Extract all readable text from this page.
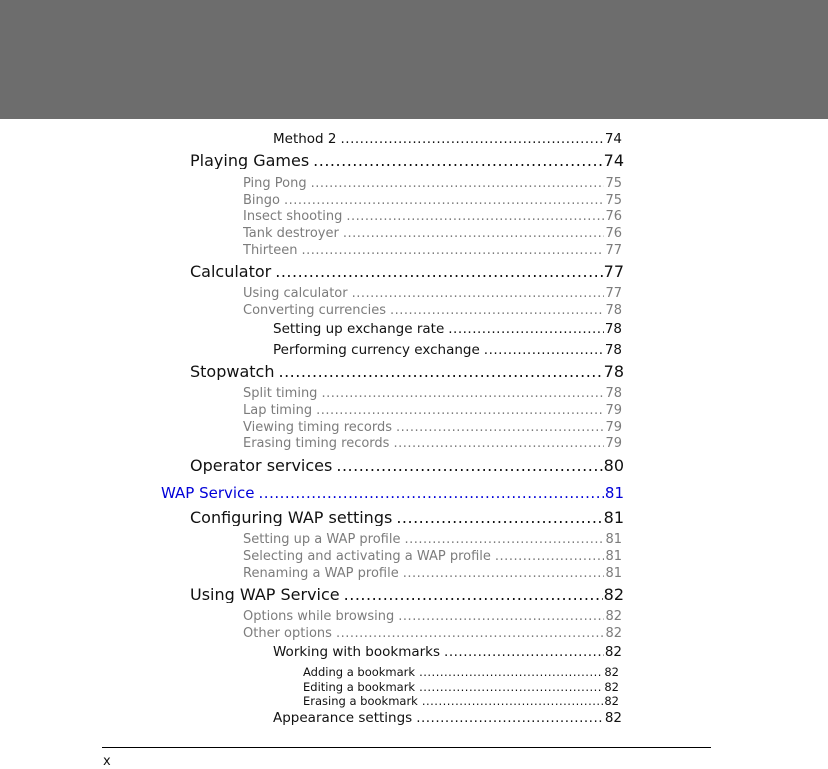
Method 2 .....	74
Playing Games .....	74
Ping Pong .....	75
Bingo .....	75
Insect shooting .....	76
Tank destroyer .....	76
Thirteen .....	77
Calculator .....	77
Using calculator .....	77
Converting currencies .....	78
Setting up exchange rate .....	78
Performing currency exchange .....	78
Stopwatch .....	78
Split timing .....	78
Lap timing .....	79
Viewing timing records .....	79
Erasing timing records .....	79
Operator services .....	80
WAP Service .....	81
Configuring WAP settings .....	81
Setting up a WAP profile .....	81
Selecting and activating a WAP profile .....	81
Renaming a WAP profile .....	81
Using WAP Service .....	82
Options while browsing .....	82
Other options .....	82
Working with bookmarks .....	82
Adding a bookmark .....	82
Editing a bookmark .....	82
Erasing a bookmark .....	82
Appearance settings .....	82
x
